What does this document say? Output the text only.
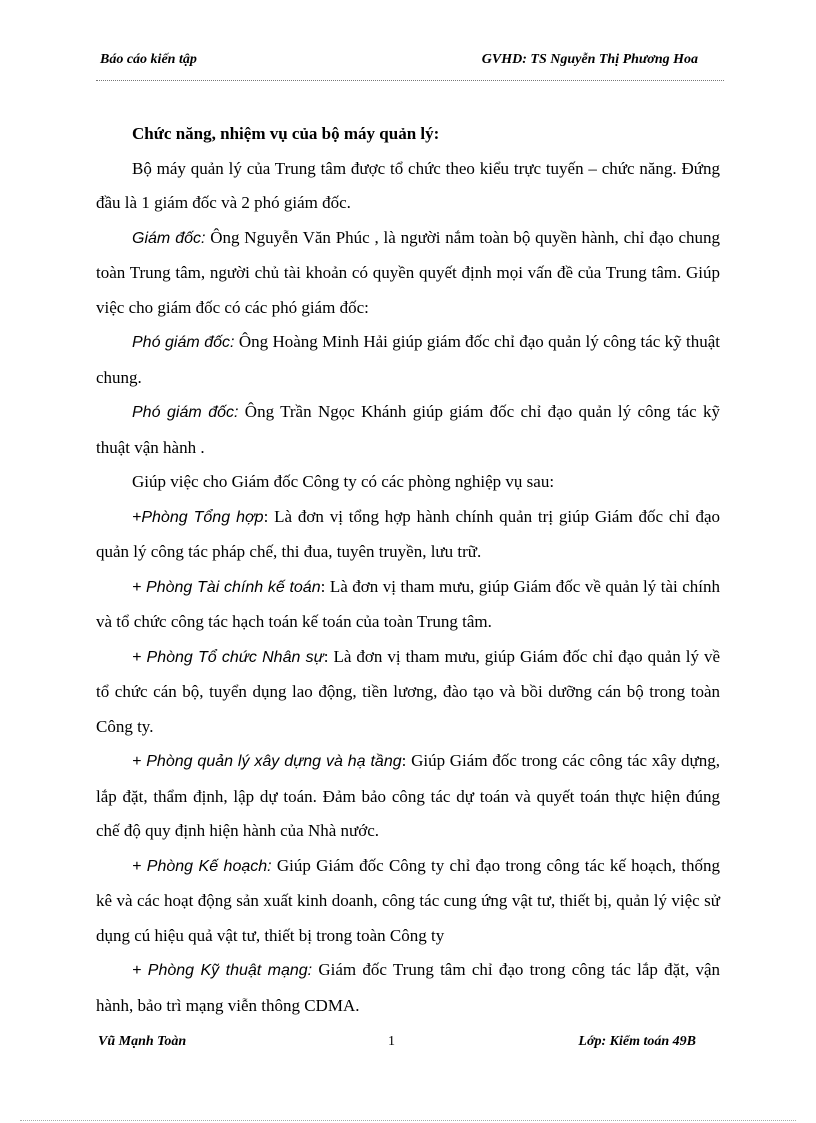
Báo cáo kiến tập	GVHD: TS Nguyễn Thị Phương Hoa

Chức năng, nhiệm vụ của bộ máy quản lý:

Bộ máy quản lý của Trung tâm được tổ chức theo kiểu trực tuyến – chức năng. Đứng đầu là 1 giám đốc và 2 phó giám đốc.

Giám đốc: Ông Nguyễn Văn Phúc , là người nắm toàn bộ quyền hành, chỉ đạo chung toàn Trung tâm, người chủ tài khoản có quyền quyết định mọi vấn đề của Trung tâm. Giúp việc cho giám đốc có các phó giám đốc:

Phó giám đốc: Ông Hoàng Minh Hải giúp giám đốc chỉ đạo quản lý công tác kỹ thuật chung.

Phó giám đốc: Ông Trần Ngọc Khánh giúp giám đốc chỉ đạo quản lý công tác kỹ thuật vận hành .

Giúp việc cho Giám đốc Công ty có các phòng nghiệp vụ sau:

+Phòng Tổng hợp: Là đơn vị tổng hợp hành chính quản trị giúp Giám đốc chỉ đạo quản lý công tác pháp chế, thi đua, tuyên truyền, lưu trữ.

+ Phòng Tài chính kế toán: Là đơn vị tham mưu, giúp Giám đốc về quản lý tài chính và tổ chức công tác hạch toán kế toán của toàn Trung tâm.

+ Phòng Tổ chức Nhân sự: Là đơn vị tham mưu, giúp Giám đốc chỉ đạo quản lý về tổ chức cán bộ, tuyển dụng lao động, tiền lương, đào tạo và bồi dưỡng cán bộ trong toàn Công ty.

+ Phòng quản lý xây dựng và hạ tầng: Giúp Giám đốc trong các công tác xây dựng, lắp đặt, thẩm định, lập dự toán. Đảm bảo công tác dự toán và quyết toán thực hiện đúng chế độ quy định hiện hành của Nhà nước.

+ Phòng Kế hoạch: Giúp Giám đốc Công ty chỉ đạo trong công tác kế hoạch, thống kê và các hoạt động sản xuất kinh doanh, công tác cung ứng vật tư, thiết bị, quản lý việc sử dụng cú hiệu quả vật tư, thiết bị trong toàn Công ty

+ Phòng Kỹ thuật mạng: Giám đốc Trung tâm chỉ đạo trong công tác lắp đặt, vận hành, bảo trì mạng viễn thông CDMA.

Vũ Mạnh Toàn	1	Lớp: Kiểm toán 49B
